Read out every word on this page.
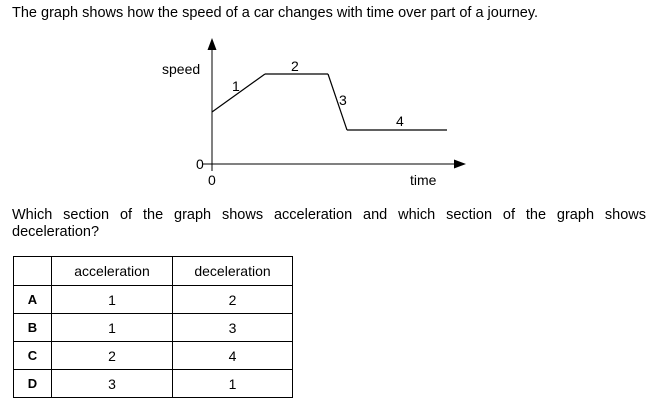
The graph shows how the speed of a car changes with time over part of a journey.

speed
time
0
0
1
2
3
4

Which section of the graph shows acceleration and which section of the graph shows deceleration?

	acceleration	deceleration
A	1	2
B	1	3
C	2	4
D	3	1
